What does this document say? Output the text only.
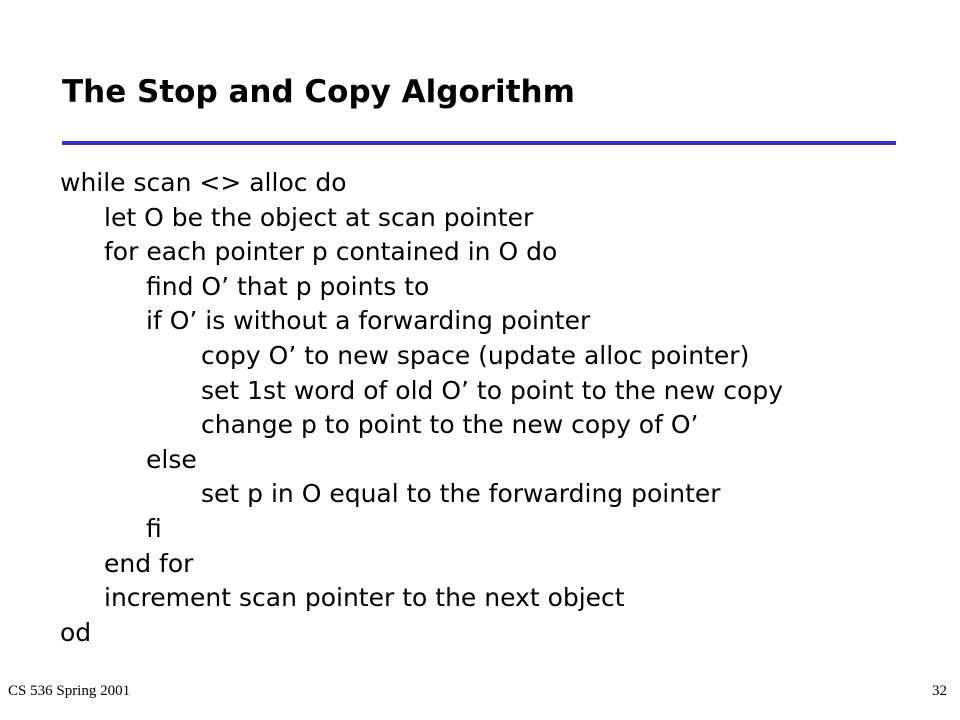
The Stop and Copy Algorithm
while scan <> alloc do
let O be the object at scan pointer
for each pointer p contained in O do
find O’ that p points to
if O’ is without a forwarding pointer
copy O’ to new space (update alloc pointer)
set 1st word of old O’ to point to the new copy
change p to point to the new copy of O’
else
set p in O equal to the forwarding pointer
fi
end for
increment scan pointer to the next object
od
CS 536 Spring 2001	32
